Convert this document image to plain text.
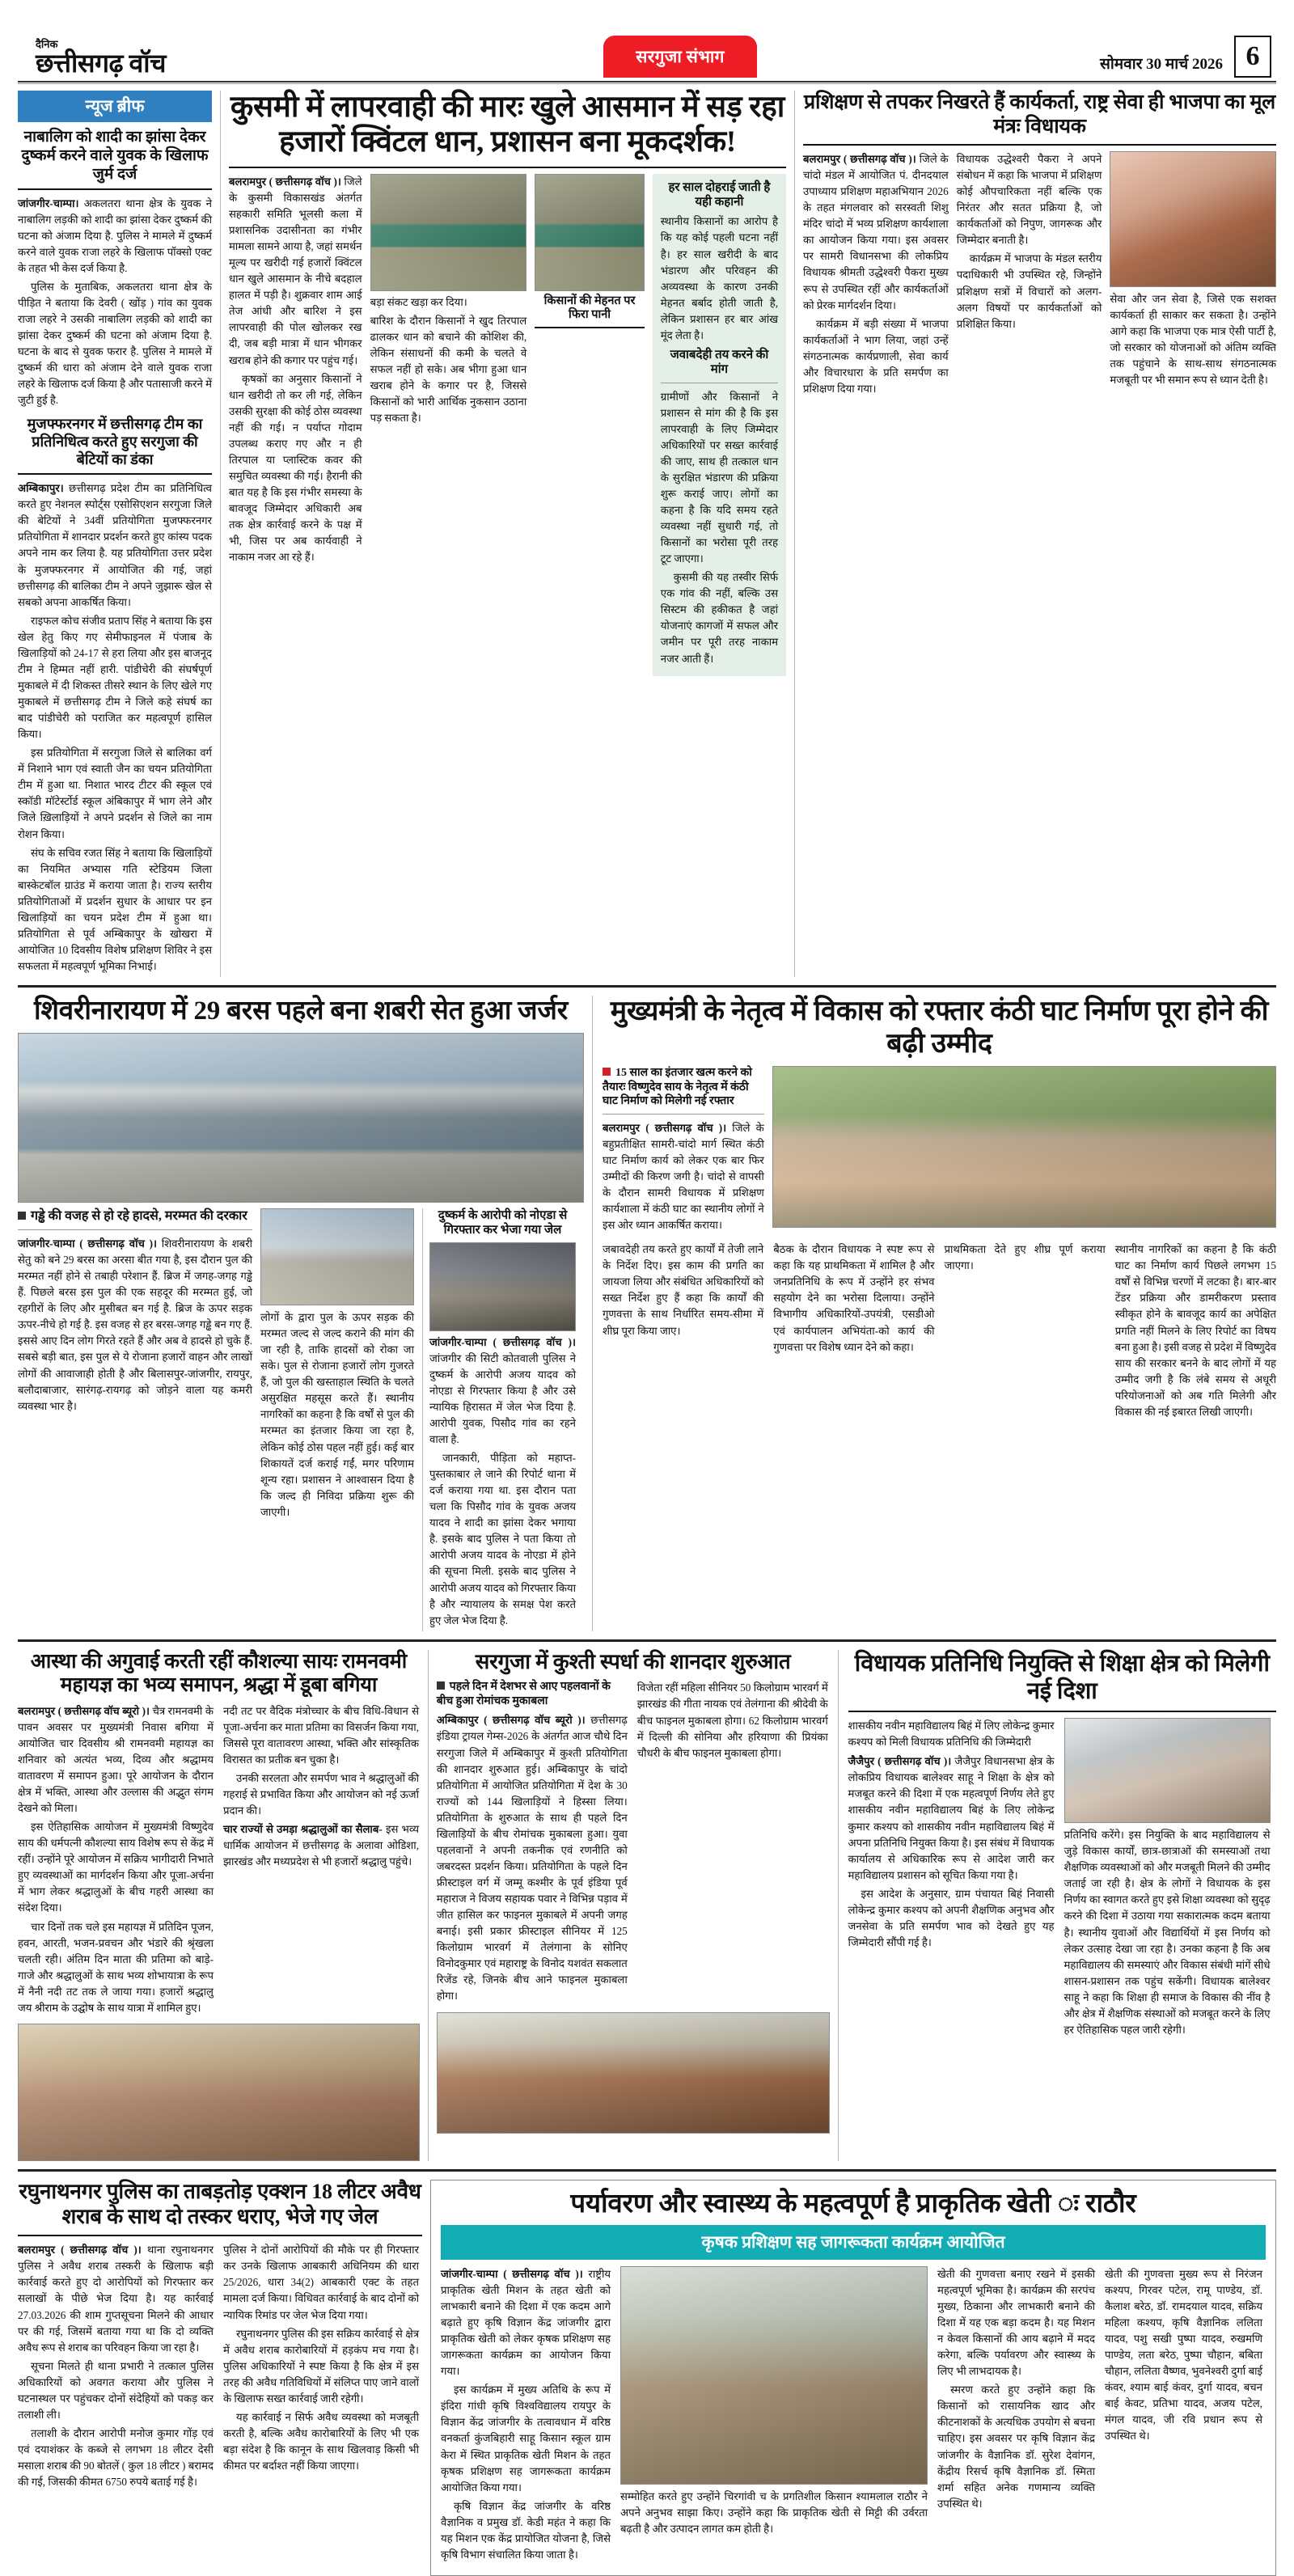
दैनिक
छत्तीसगढ़ वॉच	सरगुजा संभाग	सोमवार 30 मार्च 2026 6
न्यूज ब्रीफ
नाबालिग को शादी का झांसा देकर दुष्कर्म करने वाले युवक के खिलाफ जुर्म दर्ज

जांजगीर-चाम्पा। अकलतरा थाना क्षेत्र के युवक ने नाबालिग लड़की को शादी का झांसा देकर दुष्कर्म की घटना को अंजाम दिया है. पुलिस ने मामले में दुष्कर्म करने वाले युवक राजा लहरे के खिलाफ पॉक्सो एक्ट के तहत भी केस दर्ज किया है.

पुलिस के मुताबिक, अकलतरा थाना क्षेत्र के पीड़ित ने बताया कि देवरी ( खोंड़ ) गांव का युवक राजा लहरे ने उसकी नाबालिग लड़की को शादी का झांसा देकर दुष्कर्म की घटना को अंजाम दिया है. घटना के बाद से युवक फरार है. पुलिस ने मामले में दुष्कर्म की धारा को अंजाम देने वाले युवक राजा लहरे के खिलाफ दर्ज किया है और पतासाजी करने में जुटी हुई है.

मुजफ्फरनगर में छत्तीसगढ़ टीम का प्रतिनिधित्व करते हुए सरगुजा की बेटियों का डंका

अम्बिकापुर। छत्तीसगढ़ प्रदेश टीम का प्रतिनिधित्व करते हुए नेशनल स्पोर्ट्स एसोसिएशन सरगुजा जिले की बेटियों ने 34वीं प्रतियोगिता मुजफ्फरनगर प्रतियोगिता में शानदार प्रदर्शन करते हुए कांस्य पदक अपने नाम कर लिया है. यह प्रतियोगिता उत्तर प्रदेश के मुजफ्फरनगर में आयोजित की गई, जहां छत्तीसगढ़ की बालिका टीम ने अपने जुझारू खेल से सबको अपना आकर्षित किया।

राइफल कोच संजीव प्रताप सिंह ने बताया कि इस खेल हेतु किए गए सेमीफाइनल में पंजाब के खिलाड़ियों को 24-17 से हरा लिया और इस बाजनूद टीम ने हिम्मत नहीं हारी. पांडीचेरी की संघर्षपूर्ण मुकाबले में दी शिकस्त तीसरे स्थान के लिए खेले गए मुकाबले में छत्तीसगढ़ टीम ने जिले कहे संघर्ष का बाद पांडीचेरी को पराजित कर महत्वपूर्ण हासिल किया।

इस प्रतियोगिता में सरगुजा जिले से बालिका वर्ग में निशाने भाग एवं स्वाती जैन का चयन प्रतियोगिता टीम में हुआ था. निशात भारद टीटर की स्कूल एवं स्कॉडी मॉटेर्स्टोर्ड स्कूल अंबिकापुर में भाग लेने और जिले ख़िलाड़ियों ने अपने प्रदर्शन से जिले का नाम रोशन किया।

संघ के सचिव रजत सिंह ने बताया कि खिलाड़ियों का नियमित अभ्यास गति स्टेडियम जिला बास्केटबॉल ग्राउंड में कराया जाता है। राज्य स्तरीय प्रतियोगिताओं में प्रदर्शन सुधार के आधार पर इन खिलाड़ियों का चयन प्रदेश टीम में हुआ था। प्रतियोगिता से पूर्व अम्बिकापुर के खोखरा में आयोजित 10 दिवसीय विशेष प्रशिक्षण शिविर ने इस सफलता में महत्वपूर्ण भूमिका निभाई।

कुसमी में लापरवाही की मारः खुले आसमान में सड़ रहा हजारों क्विंटल धान, प्रशासन बना मूकदर्शक!

बलरामपुर ( छत्तीसगढ़ वॉच )। जिले के कुसमी विकासखंड अंतर्गत सहकारी समिति भूलसी कला में प्रशासनिक उदासीनता का गंभीर मामला सामने आया है, जहां समर्थन मूल्य पर खरीदी गई हजारों क्विंटल धान खुले आसमान के नीचे बदहाल हालत में पड़ी है। शुक्रवार शाम आई तेज आंधी और बारिश ने इस लापरवाही की पोल खोलकर रख दी, जब बड़ी मात्रा में धान भीगकर खराब होने की कगार पर पहुंच गई।

कृषकों का अनुसार किसानों ने धान खरीदी तो कर ली गई, लेकिन उसकी सुरक्षा की कोई ठोस व्यवस्था नहीं की गई। न पर्याप्त गोदाम उपलब्ध कराए गए और न ही तिरपाल या प्लास्टिक कवर की समुचित व्यवस्था की गई। हैरानी की बात यह है कि इस गंभीर समस्या के बावजूद जिम्मेदार अधिकारी अब तक क्षेत्र कार्रवाई करने के पक्ष में भी, जिस पर अब कार्यवाही ने नाकाम नजर आ रहे हैं।

बड़ा संकट खड़ा कर दिया।

बारिश के दौरान किसानों ने खुद तिरपाल ढालकर धान को बचाने की कोशिश की, लेकिन संसाधनों की कमी के चलते वे सफल नहीं हो सके। अब भीगा हुआ धान खराब होने के कगार पर है, जिससे किसानों को भारी आर्थिक नुकसान उठाना पड़ सकता है।

किसानों की मेहनत पर फिरा पानी
हर साल दोहराई जाती है यही कहानी

स्थानीय किसानों का आरोप है कि यह कोई पहली घटना नहीं है। हर साल खरीदी के बाद भंडारण और परिवहन की अव्यवस्था के कारण उनकी मेहनत बर्बाद होती जाती है, लेकिन प्रशासन हर बार आंख मूंद लेता है।

जवाबदेही तय करने की मांग

ग्रामीणों और किसानों ने प्रशासन से मांग की है कि इस लापरवाही के लिए जिम्मेदार अधिकारियों पर सख्त कार्रवाई की जाए, साथ ही तत्काल धान के सुरक्षित भंडारण की प्रक्रिया शुरू कराई जाए। लोगों का कहना है कि यदि समय रहते व्यवस्था नहीं सुधारी गई, तो किसानों का भरोसा पूरी तरह टूट जाएगा।

कुसमी की यह तस्वीर सिर्फ एक गांव की नहीं, बल्कि उस सिस्टम की हकीकत है जहां योजनाएं कागजों में सफल और जमीन पर पूरी तरह नाकाम नजर आती हैं।

प्रशिक्षण से तपकर निखरते हैं कार्यकर्ता, राष्ट्र सेवा ही भाजपा का मूल मंत्रः विधायक

बलरामपुर ( छत्तीसगढ़ वॉच )। जिले के चांदो मंडल में आयोजित पं. दीनदयाल उपाध्याय प्रशिक्षण महाअभियान 2026 के तहत मंगलवार को सरस्वती शिशु मंदिर चांदो में भव्य प्रशिक्षण कार्यशाला का आयोजन किया गया। इस अवसर पर सामरी विधानसभा की लोकप्रिय विधायक श्रीमती उद्धेश्वरी पैकरा मुख्य रूप से उपस्थित रहीं और कार्यकर्ताओं को प्रेरक मार्गदर्शन दिया।

कार्यक्रम में बड़ी संख्या में भाजपा कार्यकर्ताओं ने भाग लिया, जहां उन्हें संगठनात्मक कार्यप्रणाली, सेवा कार्य और विचारधारा के प्रति समर्पण का प्रशिक्षण दिया गया।

विधायक उद्धेश्वरी पैकरा ने अपने संबोधन में कहा कि भाजपा में प्रशिक्षण कोई औपचारिकता नहीं बल्कि एक निरंतर और सतत प्रक्रिया है, जो कार्यकर्ताओं को निपुण, जागरूक और जिम्मेदार बनाती है।

कार्यक्रम में भाजपा के मंडल स्तरीय पदाधिकारी भी उपस्थित रहे, जिन्होंने प्रशिक्षण सत्रों में विचारों को अलग-अलग विषयों पर कार्यकर्ताओं को प्रशिक्षित किया।

सेवा और जन सेवा है, जिसे एक सशक्त कार्यकर्ता ही साकार कर सकता है। उन्होंने आगे कहा कि भाजपा एक मात्र ऐसी पार्टी है, जो सरकार को योजनाओं को अंतिम व्यक्ति तक पहुंचाने के साथ-साथ संगठनात्मक मजबूती पर भी समान रूप से ध्यान देती है।

शिवरीनारायण में 29 बरस पहले बना शबरी सेत हुआ जर्जर
गड्ढे की वजह से हो रहे हादसे, मरम्मत की दरकार

जांजगीर-चाम्पा ( छत्तीसगढ़ वॉच )। शिवरीनारायण के शबरी सेतु को बने 29 बरस का अरसा बीत गया है, इस दौरान पुल की मरम्मत नहीं होने से तबाही परेशान हैं. ब्रिज में जगह-जगह गड्ढे हैं. पिछले बरस इस पुल की एक सहदूर की मरम्मत हुई, जो रहगीरों के लिए और मुसीबत बन गई है. ब्रिज के ऊपर सड़क ऊपर-नीचे हो गई है. इस वजह से हर बरस-जगह गड्ढे बन गए हैं. इससे आए दिन लोग गिरते रहते हैं और अब वे हादसे हो चुके हैं. सबसे बड़ी बात, इस पुल से ये रोजाना हजारों वाहन और लाखों लोगों की आवाजाही होती है और बिलासपुर-जांजगीर, रायपुर, बलौदाबाजार, सारंगढ़-रायगढ़ को जोड़ने वाला यह कमरी व्यवस्था भार है।

लोगों के द्वारा पुल के ऊपर सड़क की मरम्मत जल्द से जल्द कराने की मांग की जा रही है, ताकि हादसों को रोका जा सके। पुल से रोजाना हजारों लोग गुजरते हैं, जो पुल की खस्ताहाल स्थिति के चलते असुरक्षित महसूस करते हैं। स्थानीय नागरिकों का कहना है कि वर्षों से पुल की मरम्मत का इंतजार किया जा रहा है, लेकिन कोई ठोस पहल नहीं हुई। कई बार शिकायतें दर्ज कराई गईं, मगर परिणाम शून्य रहा। प्रशासन ने आश्वासन दिया है कि जल्द ही निविदा प्रक्रिया शुरू की जाएगी।

दुष्कर्म के आरोपी को नोएडा से गिरफ्तार कर भेजा गया जेल

जांजगीर-चाम्पा ( छत्तीसगढ़ वॉच )। जांजगीर की सिटी कोतवाली पुलिस ने दुष्कर्म के आरोपी अजय यादव को नोएडा से गिरफ्तार किया है और उसे न्यायिक हिरासत में जेल भेज दिया है. आरोपी युवक, पिसौद गांव का रहने वाला है.

जानकारी, पीड़िता को महाप्त-पुस्तकाबार ले जाने की रिपोर्ट थाना में दर्ज कराया गया था. इस दौरान पता चला कि पिसौद गांव के युवक अजय यादव ने शादी का झांसा देकर भगाया है. इसके बाद पुलिस ने पता किया तो आरोपी अजय यादव के नोएडा में होने की सूचना मिली. इसके बाद पुलिस ने आरोपी अजय यादव को गिरफ्तार किया है और न्यायालय के समक्ष पेश करते हुए जेल भेज दिया है.

मुख्यमंत्री के नेतृत्व में विकास को रफ्तार कंठी घाट निर्माण पूरा होने की बढ़ी उम्मीद
15 साल का इंतजार खत्म करने को तैयारः विष्णुदेव साय के नेतृत्व में कंठी घाट निर्माण को मिलेगी नई रफ्तार

बलरामपुर ( छत्तीसगढ़ वॉच )। जिले के बहुप्रतीक्षित सामरी-चांदो मार्ग स्थित कंठी घाट निर्माण कार्य को लेकर एक बार फिर उम्मीदों की किरण जगी है। चांदो से वापसी के दौरान सामरी विधायक में प्रशिक्षण कार्यशाला में कंठी घाट का स्थानीय लोगों ने इस ओर ध्यान आकर्षित कराया।

जबावदेही तय करते हुए कार्यों में तेजी लाने के निर्देश दिए। इस काम की प्रगति का जायजा लिया और संबंधित अधिकारियों को सख्त निर्देश हुए हैं कहा कि कार्यों की गुणवत्ता के साथ निर्धारित समय-सीमा में शीघ्र पूरा किया जाए।

बैठक के दौरान विधायक ने स्पष्ट रूप से कहा कि यह प्राथमिकता में शामिल है और जनप्रतिनिधि के रूप में उन्होंने हर संभव सहयोग देने का भरोसा दिलाया। उन्होंने विभागीय अधिकारियों-उपयंत्री, एसडीओ एवं कार्यपालन अभियंता-को कार्य की गुणवत्ता पर विशेष ध्यान देने को कहा।

प्राथमिकता देते हुए शीघ्र पूर्ण कराया जाएगा।

स्थानीय नागरिकों का कहना है कि कंठी घाट का निर्माण कार्य पिछले लगभग 15 वर्षों से विभिन्न चरणों में लटका है। बार-बार टेंडर प्रक्रिया और डामरीकरण प्रस्ताव स्वीकृत होने के बावजूद कार्य का अपेक्षित प्रगति नहीं मिलने के लिए रिपोर्ट का विषय बना हुआ है। इसी वजह से प्रदेश में विष्णुदेव साय की सरकार बनने के बाद लोगों में यह उम्मीद जगी है कि लंबे समय से अधूरी परियोजनाओं को अब गति मिलेगी और विकास की नई इबारत लिखी जाएगी।

आस्था की अगुवाई करती रहीं कौशल्या सायः रामनवमी महायज्ञ का भव्य समापन, श्रद्धा में डूबा बगिया

बलरामपुर ( छत्तीसगढ़ वॉच ब्यूरो )। चैत्र रामनवमी के पावन अवसर पर मुख्यमंत्री निवास बगिया में आयोजित चार दिवसीय श्री रामनवमी महायज्ञ का शनिवार को अत्यंत भव्य, दिव्य और श्रद्धामय वातावरण में समापन हुआ। पूरे आयोजन के दौरान क्षेत्र में भक्ति, आस्था और उल्लास की अद्भुत संगम देखने को मिला।

इस ऐतिहासिक आयोजन में मुख्यमंत्री विष्णुदेव साय की धर्मपत्नी कौशल्या साय विशेष रूप से केंद्र में रहीं। उन्होंने पूरे आयोजन में सक्रिय भागीदारी निभाते हुए व्यवस्थाओं का मार्गदर्शन किया और पूजा-अर्चना में भाग लेकर श्रद्धालुओं के बीच गहरी आस्था का संदेश दिया।

चार दिनों तक चले इस महायज्ञ में प्रतिदिन पूजन, हवन, आरती, भजन-प्रवचन और भंडारे की श्रृंखला चलती रही। अंतिम दिन माता की प्रतिमा को बाड़े-गाजे और श्रद्धालुओं के साथ भव्य शोभायात्रा के रूप में नैनी नदी तट तक ले जाया गया। हजारों श्रद्धालु जय श्रीराम के उद्घोष के साथ यात्रा में शामिल हुए।

नदी तट पर वैदिक मंत्रोच्चार के बीच विधि-विधान से पूजा-अर्चना कर माता प्रतिमा का विसर्जन किया गया, जिससे पूरा वातावरण आस्था, भक्ति और सांस्कृतिक विरासत का प्रतीक बन चुका है।

उनकी सरलता और समर्पण भाव ने श्रद्धालुओं की गहराई से प्रभावित किया और आयोजन को नई ऊर्जा प्रदान की।

चार राज्यों से उमड़ा श्रद्धालुओं का सैलाब- इस भव्य धार्मिक आयोजन में छत्तीसगढ़ के अलावा ओडिशा, झारखंड और मध्यप्रदेश से भी हजारों श्रद्धालु पहुंचे।

सरगुजा में कुश्ती स्पर्धा की शानदार शुरुआत
पहले दिन में देशभर से आए पहलवानों के बीच हुआ रोमांचक मुकाबला

अम्बिकापुर ( छत्तीसगढ़ वॉच ब्यूरो )। छत्तीसगढ़ इंडिया ट्रायल गेम्स-2026 के अंतर्गत आज चौथे दिन सरगुजा जिले में अम्बिकापुर में कुश्ती प्रतियोगिता की शानदार शुरुआत हुई। अम्बिकापुर के चांदो प्रतियोगिता में आयोजित प्रतियोगिता में देश के 30 राज्यों को 144 खिलाड़ियों ने हिस्सा लिया। प्रतियोगिता के शुरुआत के साथ ही पहले दिन खिलाड़ियों के बीच रोमांचक मुकाबला हुआ। युवा पहलवानों ने अपनी तकनीक एवं रणनीति को जबरदस्त प्रदर्शन किया। प्रतियोगिता के पहले दिन फ्रीस्टाइल वर्ग में जम्मू कश्मीर के पूर्व इंडिया पूर्व महाराज ने विजय सहायक पवार ने विभिन्न पड़ाव में जीत हासिल कर फाइनल मुकाबले में अपनी जगह बनाई। इसी प्रकार फ्रीस्टाइल सीनियर में 125 किलोग्राम भारवर्ग में तेलंगाना के सोनिए विनोदकुमार एवं महाराष्ट्र के विनोद यशवंत सकलात रिजेंड रहे, जिनके बीच आने फाइनल मुकाबला होगा।

विजेता रहीं महिला सीनियर 50 किलोग्राम भारवर्ग में झारखंड की गीता नायक एवं तेलंगाना की श्रीदेवी के बीच फाइनल मुकाबला होगा। 62 किलोग्राम भारवर्ग में दिल्ली की सोनिया और हरियाणा की प्रियंका चौधरी के बीच फाइनल मुकाबला होगा।

विधायक प्रतिनिधि नियुक्ति से शिक्षा क्षेत्र को मिलेगी नई दिशा

शासकीय नवीन महाविद्यालय बिहं में लिए लोकेन्द्र कुमार कश्यप को मिली विधायक प्रतिनिधि की जिम्मेदारी

जैजैपुर ( छत्तीसगढ़ वॉच )। जैजैपुर विधानसभा क्षेत्र के लोकप्रिय विधायक बालेश्वर साहू ने शिक्षा के क्षेत्र को मजबूत करने की दिशा में एक महत्वपूर्ण निर्णय लेते हुए शासकीय नवीन महाविद्यालय बिहं के लिए लोकेन्द्र कुमार कश्यप को शासकीय नवीन महाविद्यालय बिहं में अपना प्रतिनिधि नियुक्त किया है। इस संबंध में विधायक कार्यालय से अधिकारिक रूप से आदेश जारी कर महाविद्यालय प्रशासन को सूचित किया गया है।

इस आदेश के अनुसार, ग्राम पंचायत बिहं निवासी लोकेन्द्र कुमार कश्यप को अपनी शैक्षणिक अनुभव और जनसेवा के प्रति समर्पण भाव को देखते हुए यह जिम्मेदारी सौंपी गई है।

प्रतिनिधि करेंगे। इस नियुक्ति के बाद महाविद्यालय से जुड़े विकास कार्यों, छात्र-छात्राओं की समस्याओं तथा शैक्षणिक व्यवस्थाओं को और मजबूती मिलने की उम्मीद जताई जा रही है। क्षेत्र के लोगों ने विधायक के इस निर्णय का स्वागत करते हुए इसे शिक्षा व्यवस्था को सुदृढ़ करने की दिशा में उठाया गया सकारात्मक कदम बताया है। स्थानीय युवाओं और विद्यार्थियों में इस निर्णय को लेकर उत्साह देखा जा रहा है। उनका कहना है कि अब महाविद्यालय की समस्याएं और विकास संबंधी मांगें सीधे शासन-प्रशासन तक पहुंच सकेंगी। विधायक बालेश्वर साहू ने कहा कि शिक्षा ही समाज के विकास की नींव है और क्षेत्र में शैक्षणिक संस्थाओं को मजबूत करने के लिए हर ऐतिहासिक पहल जारी रहेगी।

रघुनाथनगर पुलिस का ताबड़तोड़ एक्शन 18 लीटर अवैध शराब के साथ दो तस्कर धराए, भेजे गए जेल

बलरामपुर ( छत्तीसगढ़ वॉच )। थाना रघुनाथनगर पुलिस ने अवैध शराब तस्करी के खिलाफ बड़ी कार्रवाई करते हुए दो आरोपियों को गिरफ्तार कर सलाखों के पीछे भेज दिया है। यह कार्रवाई 27.03.2026 की शाम गुप्तसूचना मिलने की आधार पर की गई, जिसमें बताया गया था कि दो व्यक्ति अवैध रूप से शराब का परिवहन किया जा रहा है।

सूचना मिलते ही थाना प्रभारी ने तत्काल पुलिस अधिकारियों को अवगत कराया और पुलिस ने घटनास्थल पर पहुंचकर दोनों संदेहियों को पकड़ कर तलाशी ली।

तलाशी के दौरान आरोपी मनोज कुमार गोंड़ एवं एवं दयाशंकर के कब्जे से लगभग 18 लीटर देसी मसाला शराब की 90 बोतलें ( कुल 18 लीटर ) बरामद की गई, जिसकी कीमत 6750 रुपये बताई गई है।

पुलिस ने दोनों आरोपियों की मौके पर ही गिरफ्तार कर उनके खिलाफ आबकारी अधिनियम की धारा 25/2026, धारा 34(2) आबकारी एक्ट के तहत मामला दर्ज किया। विधिवत कार्रवाई के बाद दोनों को न्यायिक रिमांड पर जेल भेज दिया गया।

रघुनाथनगर पुलिस की इस सक्रिय कार्रवाई से क्षेत्र में अवैध शराब कारोबारियों में हड़कंप मच गया है। पुलिस अधिकारियों ने स्पष्ट किया है कि क्षेत्र में इस तरह की अवैध गतिविधियों में संलिप्त पाए जाने वालों के खिलाफ सख्त कार्रवाई जारी रहेगी।

यह कार्रवाई न सिर्फ अवैध व्यवस्था को मजबूती करती है, बल्कि अवैध कारोबारियों के लिए भी एक बड़ा संदेश है कि कानून के साथ खिलवाड़ किसी भी कीमत पर बर्दाश्त नहीं किया जाएगा।

पर्यावरण और स्वास्थ्य के महत्वपूर्ण है प्राकृतिक खेती ः राठौर
कृषक प्रशिक्षण सह जागरूकता कार्यक्रम आयोजित

जांजगीर-चाम्पा ( छत्तीसगढ़ वॉच )। राष्ट्रीय प्राकृतिक खेती मिशन के तहत खेती को लाभकारी बनाने की दिशा में एक कदम आगे बढ़ाते हुए कृषि विज्ञान केंद्र जांजगीर द्वारा प्राकृतिक खेती को लेकर कृषक प्रशिक्षण सह जागरूकता कार्यक्रम का आयोजन किया गया।

इस कार्यक्रम में मुख्य अतिथि के रूप में इंदिरा गांधी कृषि विश्वविद्यालय रायपुर के विज्ञान केंद्र जांजगीर के तत्वावधान में वरिष्ठ वनकर्ता कुंजबिहारी साहू किसान स्कूल ग्राम केरा में स्थित प्राकृतिक खेती मिशन के तहत कृषक प्रशिक्षण सह जागरूकता कार्यक्रम आयोजित किया गया।

कृषि विज्ञान केंद्र जांजगीर के वरिष्ठ वैज्ञानिक व प्रमुख डॉ. केडी महंत ने कहा कि यह मिशन एक केंद्र प्रायोजित योजना है, जिसे कृषि विभाग संचालित किया जाता है।

सम्मोहित करते हुए उन्होंने चिरगांवी च के प्रगतिशील किसान श्यामलाल राठौर ने अपने अनुभव साझा किए। उन्होंने कहा कि प्राकृतिक खेती से मिट्टी की उर्वरता बढ़ती है और उत्पादन लागत कम होती है।

खेती की गुणवत्ता बनाए रखने में इसकी महत्वपूर्ण भूमिका है। कार्यक्रम की सरपंच मुख्य, ठिकाना और लाभकारी बनाने की दिशा में यह एक बड़ा कदम है। यह मिशन न केवल किसानों की आय बढ़ाने में मदद करेगा, बल्कि पर्यावरण और स्वास्थ्य के लिए भी लाभदायक है।

स्मरण करते हुए उन्होंने कहा कि किसानों को रासायनिक खाद और कीटनाशकों के अत्यधिक उपयोग से बचना चाहिए। इस अवसर पर कृषि विज्ञान केंद्र जांजगीर के वैज्ञानिक डॉ. सुरेश देवांगन, केंद्रीय रिसर्च कृषि वैज्ञानिक डॉ. स्मिता शर्मा सहित अनेक गणमान्य व्यक्ति उपस्थित थे।

खेती की गुणवत्ता मुख्य रूप से निरंजन कश्यप, गिरवर पटेल, रामू पाण्डेय, डॉ. कैलाश बरेठ, डॉ. रामदयाल यादव, सक्रिय महिला कश्यप, कृषि वैज्ञानिक ललिता यादव, पशु सखी पुष्पा यादव, रुखमणि पाण्डेय, लता बरेठ, पुष्पा चौहान, बबिता चौहान, ललिता वैष्णव, भुवनेश्वरी दुर्गा बाई कंवर, श्याम बाई कंवर, दुर्गा यादव, बचन बाई केवट, प्रतिभा यादव, अजय पटेल, मंगल यादव, जी रवि प्रधान रूप से उपस्थित थे।
